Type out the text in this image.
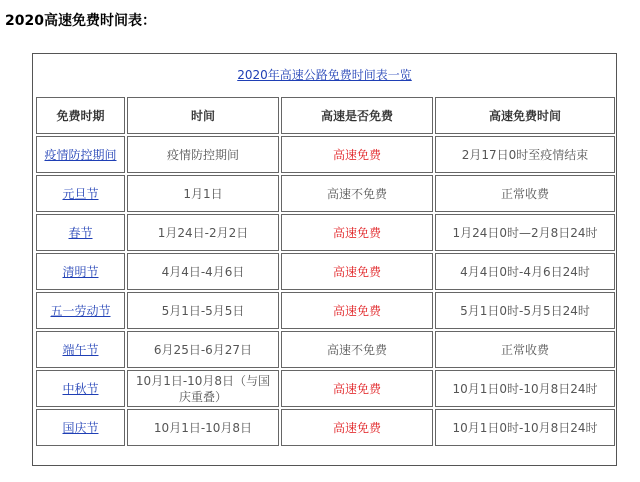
2020高速免费时间表：
2020年高速公路免费时间表一览
免费时期	时间	高速是否免费	高速免费时间
疫情防控期间	疫情防控期间	高速免费	2月17日0时至疫情结束
元旦节	1月1日	高速不免费	正常收费
春节	1月24日-2月2日	高速免费	1月24日0时—2月8日24时
清明节	4月4日-4月6日	高速免费	4月4日0时-4月6日24时
五一劳动节	5月1日-5月5日	高速免费	5月1日0时-5月5日24时
端午节	6月25日-6月27日	高速不免费	正常收费
中秋节	10月1日-10月8日（与国庆重叠）	高速免费	10月1日0时-10月8日24时
国庆节	10月1日-10月8日	高速免费	10月1日0时-10月8日24时
